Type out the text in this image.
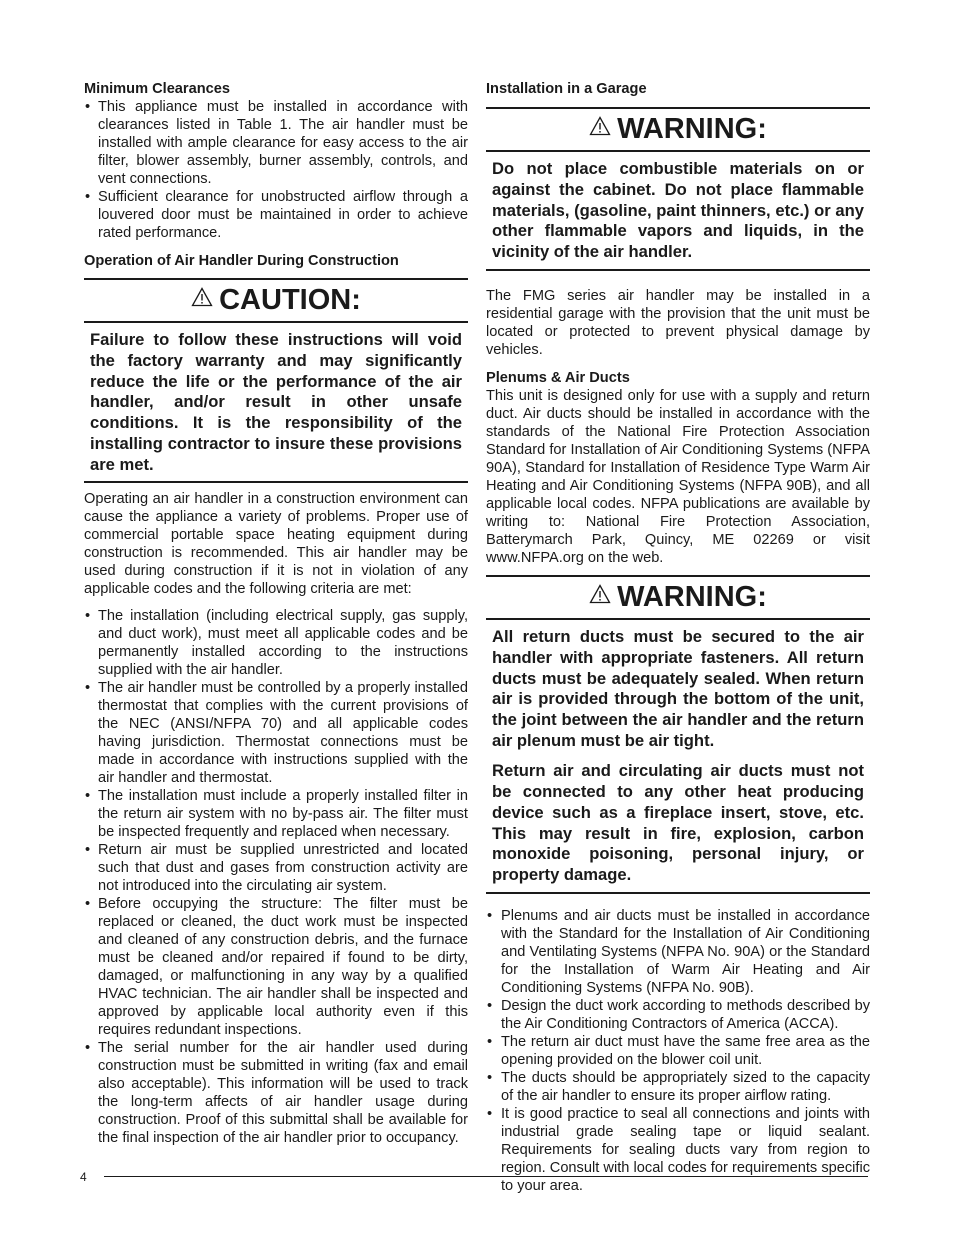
Minimum Clearances

• This appliance must be installed in accordance with clearances listed in Table 1. The air handler must be installed with ample clearance for easy access to the air filter, blower assembly, burner assembly, controls, and vent connections.
• Sufficient clearance for unobstructed airflow through a louvered door must be maintained in order to achieve rated performance.

Operation of Air Handler During Construction

CAUTION:

Failure to follow these instructions will void the factory warranty and may significantly reduce the life or the performance of the air handler, and/or result in other unsafe conditions. It is the responsibility of the installing contractor to insure these provisions are met.

Operating an air handler in a construction environment can cause the appliance a variety of problems. Proper use of commercial portable space heating equipment during construction is recommended. This air handler may be used during construction if it is not in violation of any applicable codes and the following criteria are met:

• The installation (including electrical supply, gas supply, and duct work), must meet all applicable codes and be permanently installed according to the instructions supplied with the air handler.
• The air handler must be controlled by a properly installed thermostat that complies with the current provisions of the NEC (ANSI/NFPA 70) and all applicable codes having jurisdiction. Thermostat connections must be made in accordance with instructions supplied with the air handler and thermostat.
• The installation must include a properly installed filter in the return air system with no by-pass air. The filter must be inspected frequently and replaced when necessary.
• Return air must be supplied unrestricted and located such that dust and gases from construction activity are not introduced into the circulating air system.
• Before occupying the structure: The filter must be replaced or cleaned, the duct work must be inspected and cleaned of any construction debris, and the furnace must be cleaned and/or repaired if found to be dirty, damaged, or malfunctioning in any way by a qualified HVAC technician. The air handler shall be inspected and approved by applicable local authority even if this requires redundant inspections.
• The serial number for the air handler used during construction must be submitted in writing (fax and email also acceptable). This information will be used to track the long-term affects of air handler usage during construction. Proof of this submittal shall be available for the final inspection of the air handler prior to occupancy.

Installation in a Garage

WARNING:

Do not place combustible materials on or against the cabinet. Do not place flammable materials, (gasoline, paint thinners, etc.) or any other flammable vapors and liquids, in the vicinity of the air handler.

The FMG series air handler may be installed in a residential garage with the provision that the unit must be located or protected to prevent physical damage by vehicles.

Plenums & Air Ducts

This unit is designed only for use with a supply and return duct. Air ducts should be installed in accordance with the standards of the National Fire Protection Association Standard for Installation of Air Conditioning Systems (NFPA 90A), Standard for Installation of Residence Type Warm Air Heating and Air Conditioning Systems (NFPA 90B), and all applicable local codes. NFPA publications are available by writing to: National Fire Protection Association, Batterymarch Park, Quincy, ME 02269 or visit www.NFPA.org on the web.

WARNING:

All return ducts must be secured to the air handler with appropriate fasteners. All return ducts must be adequately sealed. When return air is provided through the bottom of the unit, the joint between the air handler and the return air plenum must be air tight.

Return air and circulating air ducts must not be connected to any other heat producing device such as a fireplace insert, stove, etc. This may result in fire, explosion, carbon monoxide poisoning, personal injury, or property damage.

• Plenums and air ducts must be installed in accordance with the Standard for the Installation of Air Conditioning and Ventilating Systems (NFPA No. 90A) or the Standard for the Installation of Warm Air Heating and Air Conditioning Systems (NFPA No. 90B).
• Design the duct work according to methods described by the Air Conditioning Contractors of America (ACCA).
• The return air duct must have the same free area as the opening provided on the blower coil unit.
• The ducts should be appropriately sized to the capacity of the air handler to ensure its proper airflow rating.
• It is good practice to seal all connections and joints with industrial grade sealing tape or liquid sealant. Requirements for sealing ducts vary from region to region. Consult with local codes for requirements specific to your area.
4
